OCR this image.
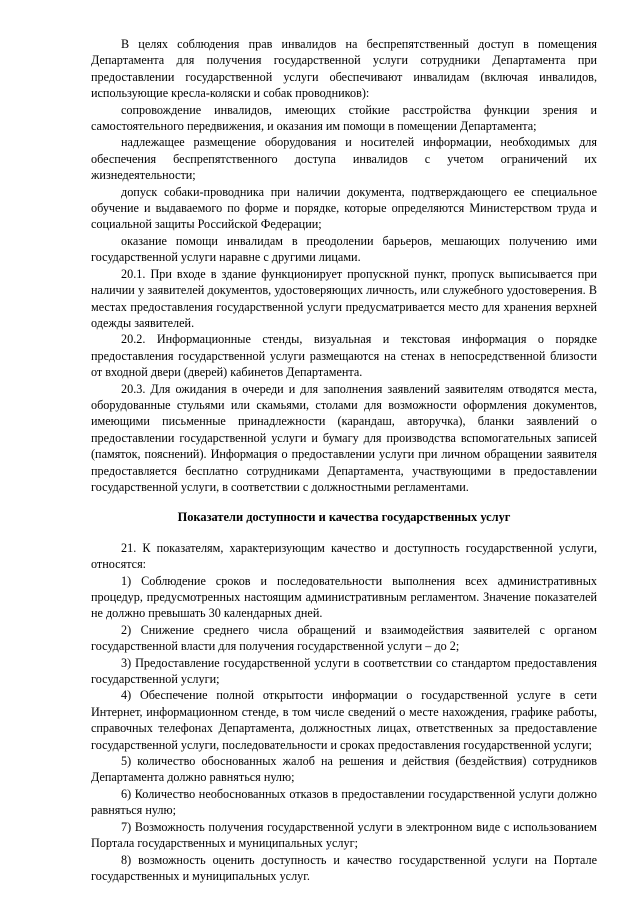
В целях соблюдения прав инвалидов на беспрепятственный доступ в помещения Департамента для получения государственной услуги сотрудники Департамента при предоставлении государственной услуги обеспечивают инвалидам (включая инвалидов, использующие кресла-коляски и собак проводников):

сопровождение инвалидов, имеющих стойкие расстройства функции зрения и самостоятельного передвижения, и оказания им помощи в помещении Департамента;

надлежащее размещение оборудования и носителей информации, необходимых для обеспечения беспрепятственного доступа инвалидов с учетом ограничений их жизнедеятельности;

допуск собаки-проводника при наличии документа, подтверждающего ее специальное обучение и выдаваемого по форме и порядке, которые определяются Министерством труда и социальной защиты Российской Федерации;

оказание помощи инвалидам в преодолении барьеров, мешающих получению ими государственной услуги наравне с другими лицами.

20.1. При входе в здание функционирует пропускной пункт, пропуск выписывается при наличии у заявителей документов, удостоверяющих личность, или служебного удостоверения. В местах предоставления государственной услуги предусматривается место для хранения верхней одежды заявителей.

20.2. Информационные стенды, визуальная и текстовая информация о порядке предоставления государственной услуги размещаются на стенах в непосредственной близости от входной двери (дверей) кабинетов Департамента.

20.3. Для ожидания в очереди и для заполнения заявлений заявителям отводятся места, оборудованные стульями или скамьями, столами для возможности оформления документов, имеющими письменные принадлежности (карандаш, авторучка), бланки заявлений о предоставлении государственной услуги и бумагу для производства вспомогательных записей (памяток, пояснений). Информация о предоставлении услуги при личном обращении заявителя предоставляется бесплатно сотрудниками Департамента, участвующими в предоставлении государственной услуги, в соответствии с должностными регламентами.

Показатели доступности и качества государственных услуг

21. К показателям, характеризующим качество и доступность государственной услуги, относятся:

1) Соблюдение сроков и последовательности выполнения всех административных процедур, предусмотренных настоящим административным регламентом. Значение показателей не должно превышать 30 календарных дней.

2) Снижение среднего числа обращений и взаимодействия заявителей с органом государственной власти для получения государственной услуги – до 2;

3) Предоставление государственной услуги в соответствии со стандартом предоставления государственной услуги;

4) Обеспечение полной открытости информации о государственной услуге в сети Интернет, информационном стенде, в том числе сведений о месте нахождения, графике работы, справочных телефонах Департамента, должностных лицах, ответственных за предоставление государственной услуги, последовательности и сроках предоставления государственной услуги;

5) количество обоснованных жалоб на решения и действия (бездействия) сотрудников Департамента должно равняться нулю;

6) Количество необоснованных отказов в предоставлении государственной услуги должно равняться нулю;

7) Возможность получения государственной услуги в электронном виде с использованием Портала государственных и муниципальных услуг;

8) возможность оценить доступность и качество государственной услуги на Портале государственных и муниципальных услуг.
